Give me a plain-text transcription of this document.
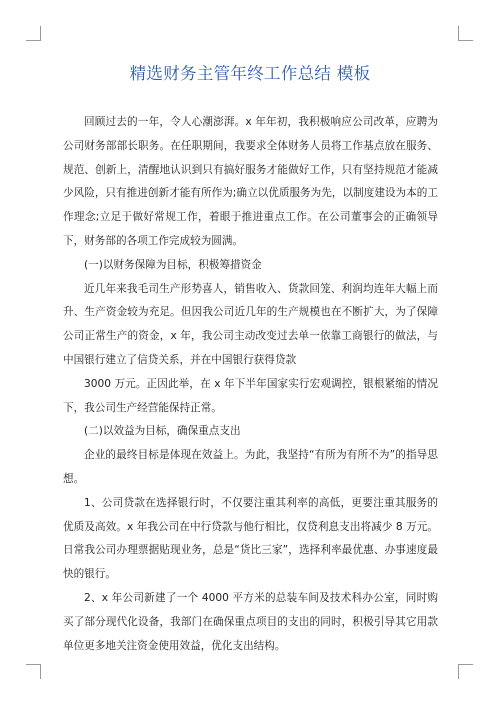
精选财务主管年终工作总结 模板

回顾过去的一年，令人心潮澎湃。x 年年初，我积极响应公司改革，应聘为公司财务部部长职务。在任职期间，我要求全体财务人员将工作基点放在服务、规范、创新上，清醒地认识到只有搞好服务才能做好工作，只有坚持规范才能减少风险，只有推进创新才能有所作为;确立以优质服务为先，以制度建设为本的工作理念;立足于做好常规工作，着眼于推进重点工作。在公司董事会的正确领导下，财务部的各项工作完成较为圆满。

(一)以财务保障为目标，积极筹措资金

近几年来我毛司生产形势喜人，销售收入、货款回笼、利润均连年大幅上而升、生产资金较为充足。但因我公司近几年的生产规模也在不断扩大，为了保障公司正常生产的资金，x 年，我公司主动改变过去单一依靠工商银行的做法，与中国银行建立了信贷关系，并在中国银行获得贷款

3000 万元。正因此举，在 x 年下半年国家实行宏观调控，银根紧缩的情况下，我公司生产经营能保持正常。

(二)以效益为目标，确保重点支出

企业的最终目标是体现在效益上。为此，我坚持“有所为有所不为”的指导思想。

1、公司贷款在选择银行时，不仅要注重其利率的高低，更要注重其服务的优质及高效。x 年我公司在中行贷款与他行相比，仅贷利息支出将减少 8 万元。日常我公司办理票据贴现业务，总是“货比三家”，选择利率最优惠、办事速度最快的银行。

2、x 年公司新建了一个 4000 平方米的总装车间及技术科办公室，同时购买了部分现代化设备，我部门在确保重点项目的支出的同时，积极引导其它用款单位更多地关注资金使用效益，优化支出结构。
